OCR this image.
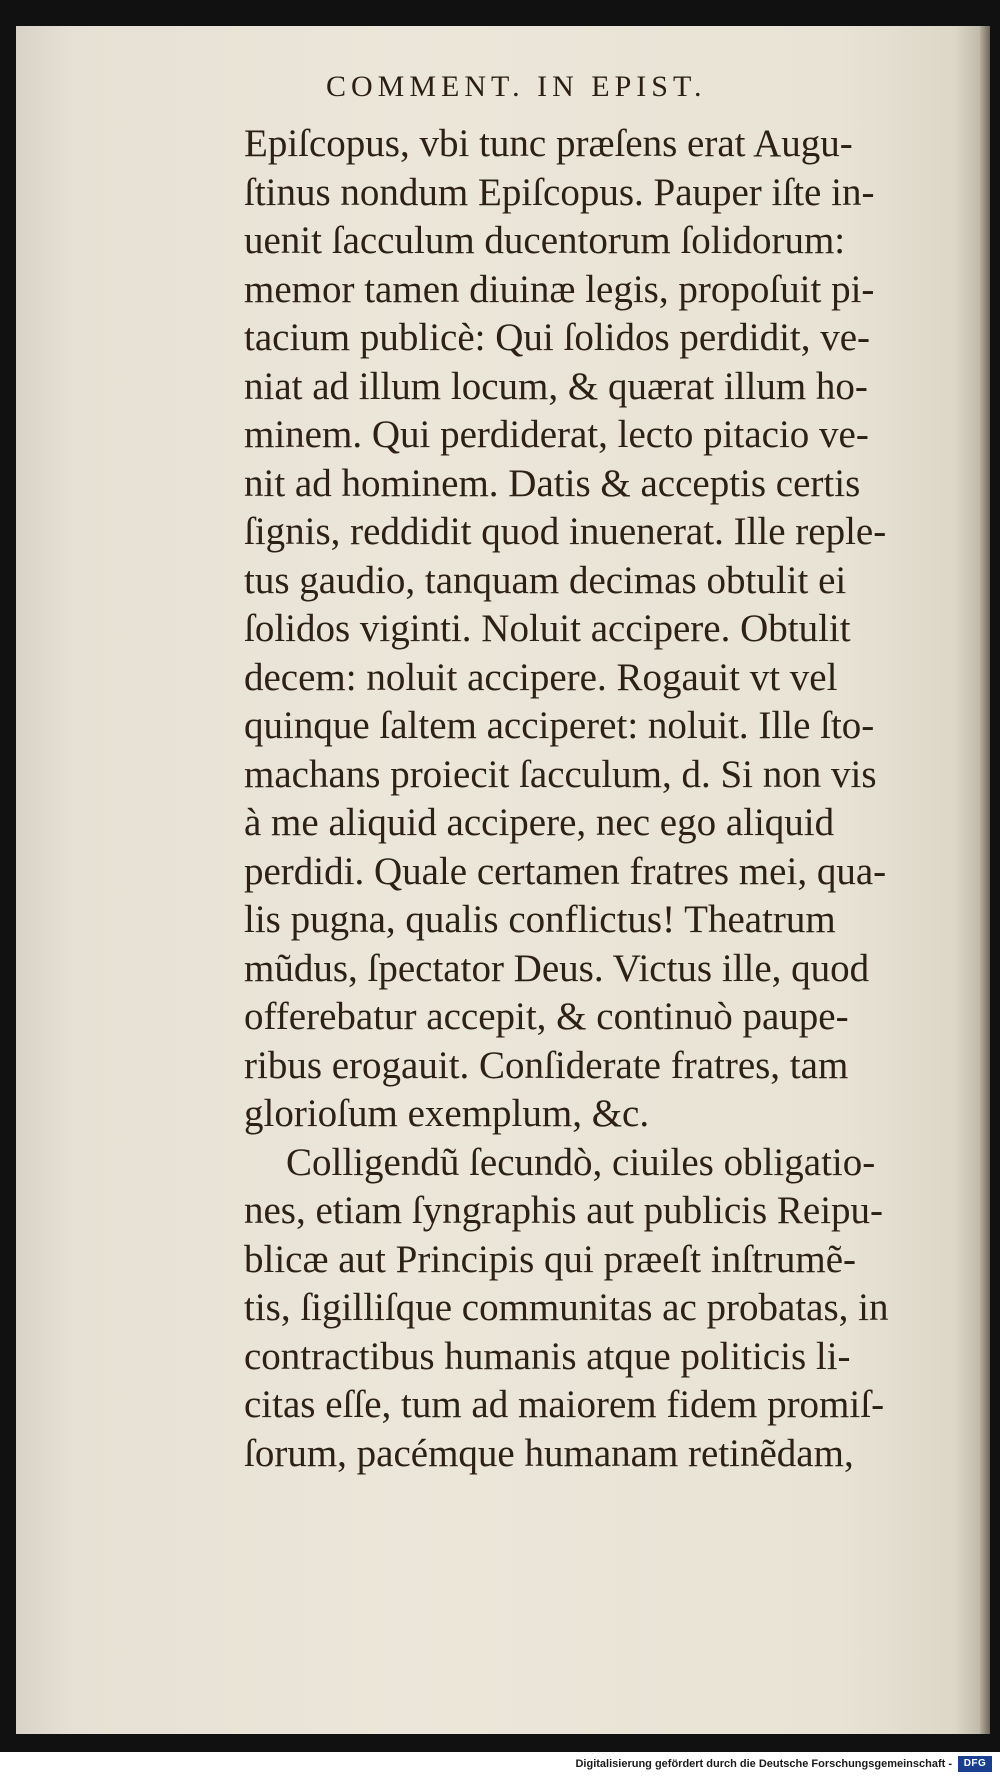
COMMENT. IN EPIST.
Epiſcopus, vbi tunc præſens erat Augu-
ſtinus nondum Epiſcopus. Pauper iſte in-
uenit ſacculum ducentorum ſolidorum:
memor tamen diuinæ legis, propoſuit pi-
tacium publicè: Qui ſolidos perdidit, ve-
niat ad illum locum, & quærat illum ho-
minem. Qui perdiderat, lecto pitacio ve-
nit ad hominem. Datis & acceptis certis
ſignis, reddidit quod inuenerat. Ille reple-
tus gaudio, tanquam decimas obtulit ei
ſolidos viginti. Noluit accipere. Obtulit
decem: noluit accipere. Rogauit vt vel
quinque ſaltem acciperet: noluit. Ille ſto-
machans proiecit ſacculum, d. Si non vis
à me aliquid accipere, nec ego aliquid
perdidi. Quale certamen fratres mei, qua-
lis pugna, qualis conflictus! Theatrum
mũdus, ſpectator Deus. Victus ille, quod
offerebatur accepit, & continuò paupe-
ribus erogauit. Conſiderate fratres, tam
glorioſum exemplum, &c.
Colligendũ ſecundò, ciuiles obligatio-
nes, etiam ſyngraphis aut publicis Reipu-
blicæ aut Principis qui præeſt inſtrumẽ-
tis, ſigilliſque communitas ac probatas, in
contractibus humanis atque politicis li-
citas eſſe, tum ad maiorem fidem promiſ-
ſorum, pacémque humanam retinẽdam,
Digitalisierung gefördert durch die Deutsche Forschungsgemeinschaft -	DFG
